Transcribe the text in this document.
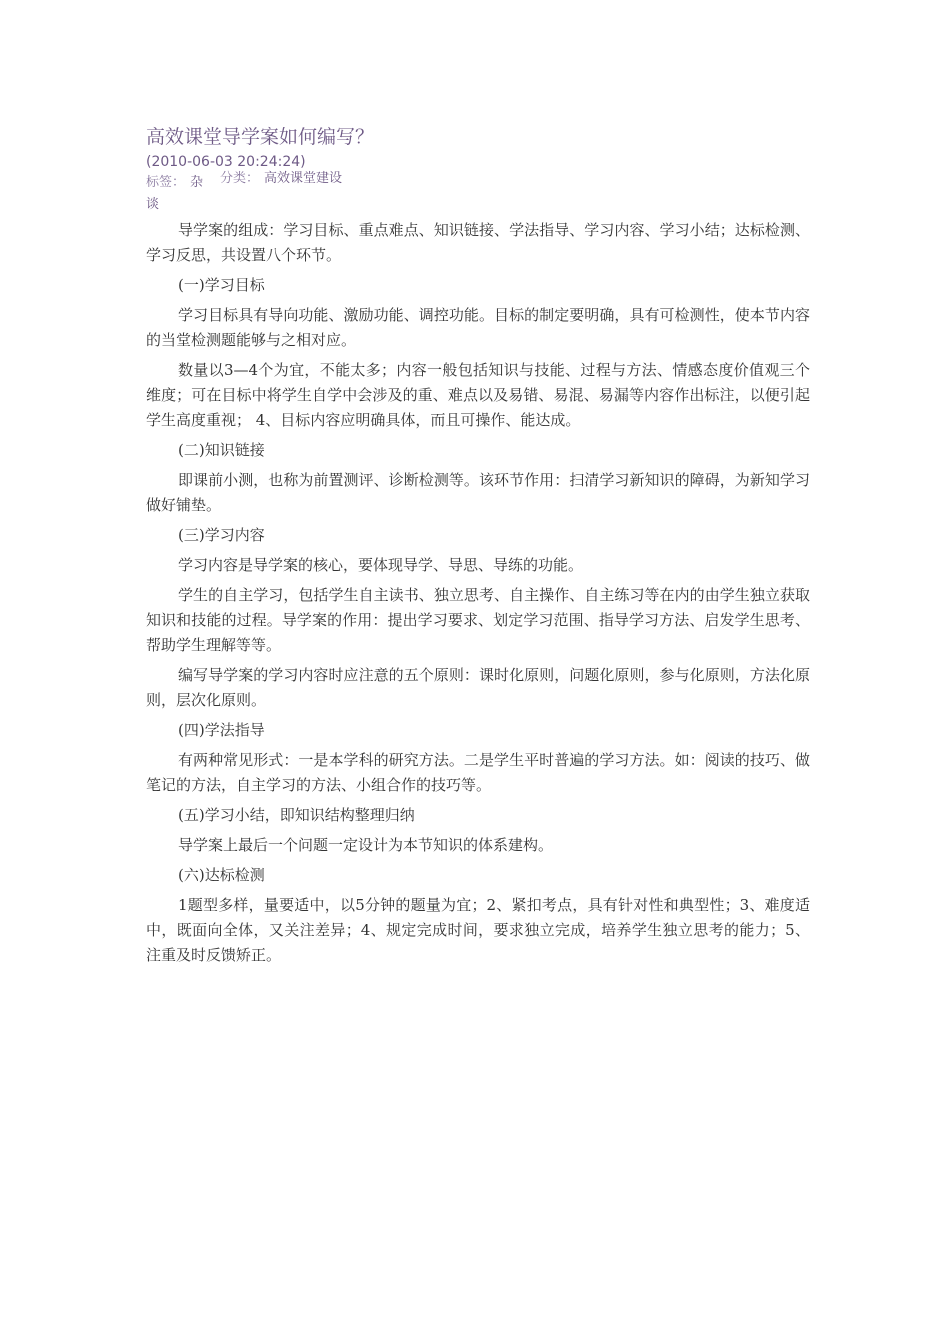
高效课堂导学案如何编写？
(2010-06-03 20:24:24)
标签： 杂
谈
分类： 高效课堂建设

导学案的组成：学习目标、重点难点、知识链接、学法指导、学习内容、学习小结；达标检测、学习反思，共设置八个环节。

(一)学习目标

学习目标具有导向功能、激励功能、调控功能。目标的制定要明确，具有可检测性，使本节内容的当堂检测题能够与之相对应。

数量以3—4个为宜，不能太多；内容一般包括知识与技能、过程与方法、情感态度价值观三个维度；可在目标中将学生自学中会涉及的重、难点以及易错、易混、易漏等内容作出标注，以便引起学生高度重视； 4、目标内容应明确具体，而且可操作、能达成。

(二)知识链接

即课前小测，也称为前置测评、诊断检测等。该环节作用：扫清学习新知识的障碍，为新知学习做好铺垫。

(三)学习内容

学习内容是导学案的核心，要体现导学、导思、导练的功能。

学生的自主学习，包括学生自主读书、独立思考、自主操作、自主练习等在内的由学生独立获取知识和技能的过程。导学案的作用：提出学习要求、划定学习范围、指导学习方法、启发学生思考、帮助学生理解等等。

编写导学案的学习内容时应注意的五个原则：课时化原则，问题化原则，参与化原则，方法化原则，层次化原则。

(四)学法指导

有两种常见形式：一是本学科的研究方法。二是学生平时普遍的学习方法。如：阅读的技巧、做笔记的方法，自主学习的方法、小组合作的技巧等。

(五)学习小结，即知识结构整理归纳

导学案上最后一个问题一定设计为本节知识的体系建构。

(六)达标检测

1题型多样，量要适中，以5分钟的题量为宜；2、紧扣考点，具有针对性和典型性；3、难度适中，既面向全体，又关注差异；4、规定完成时间，要求独立完成，培养学生独立思考的能力；5、注重及时反馈矫正。
